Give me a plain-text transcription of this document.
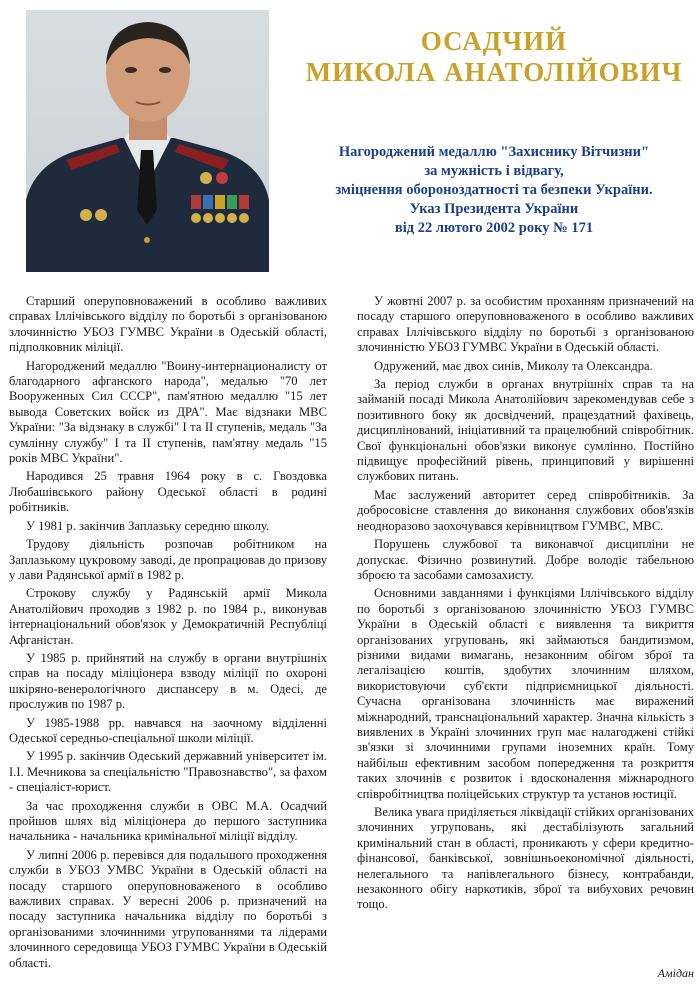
ОСАДЧИЙ
МИКОЛА АНАТОЛІЙОВИЧ
Нагороджений медаллю "Захиснику Вітчизни"
за мужність і відвагу,
зміцнення обороноздатності та безпеки України.
Указ Президента України
від 22 лютого 2002 року № 171

Старший оперуповноважений в особливо важливих справах Іллічівського відділу по боротьбі з організованою злочинністю УБОЗ ГУМВС України в Одеській області, підполковник міліції.

Нагороджений медаллю "Воину-интернационалисту от благодарного афганского народа", медалью "70 лет Вооруженных Сил СССР", пам'ятною медаллю "15 лет вывода Советских войск из ДРА". Має відзнаки МВС України: "За відзнаку в службі" І та ІІ ступенів, медаль "За сумлінну службу" І та ІІ ступенів, пам'ятну медаль "15 років МВС України".

Народився 25 травня 1964 року в с. Гвоздовка Любашівського району Одеської області в родині робітників.

У 1981 р. закінчив Заплазьку середню школу.

Трудову діяльність розпочав робітником на Заплазькому цукровому заводі, де пропрацював до призову у лави Радянської армії в 1982 р.

Строкову службу у Радянській армії Микола Анатолійович проходив з 1982 р. по 1984 р., виконував інтернаціональний обов'язок у Демократичній Республіці Афганістан.

У 1985 р. прийнятий на службу в органи внутрішніх справ на посаду міліціонера взводу міліції по охороні шкіряно-венерологічного диспансеру в м. Одесі, де прослужив по 1987 р.

У 1985-1988 рр. навчався на заочному відділенні Одеської середньо-спеціальної школи міліції.

У 1995 р. закінчив Одеський державний університет ім. І.І. Мечникова за спеціальністю "Правознавство", за фахом - спеціаліст-юрист.

За час проходження служби в ОВС М.А. Осадчий пройшов шлях від міліціонера до першого заступника начальника - начальника кримінальної міліції відділу.

У липні 2006 р. перевівся для подальшого проходження служби в УБОЗ УМВС України в Одеській області на посаду старшого оперуповноваженого в особливо важливих справах. У вересні 2006 р. призначений на посаду заступника начальника відділу по боротьбі з організованими злочинними угрупованнями та лідерами злочинного середовища УБОЗ ГУМВС України в Одеській області.

У жовтні 2007 р. за особистим проханням призначений на посаду старшого оперуповноваженого в особливо важливих справах Іллічівського відділу по боротьбі з організованою злочинністю УБОЗ ГУМВС України в Одеській області.

Одружений, має двох синів, Миколу та Олександра.

За період служби в органах внутрішніх справ та на займаній посаді Микола Анатолійович зарекомендував себе з позитивного боку як досвідчений, працездатний фахівець, дисциплінований, ініціативний та працелюбний співробітник. Свої функціональні обов'язки виконує сумлінно. Постійно підвищує професійний рівень, принциповий у вирішенні службових питань.

Має заслужений авторитет серед співробітників. За добросовісне ставлення до виконання службових обов'язків неодноразово заохочувався керівництвом ГУМВС, МВС.

Порушень службової та виконавчої дисципліни не допускає. Фізично розвинутий. Добре володіє табельною зброєю та засобами самозахисту.

Основними завданнями і функціями Іллічівського відділу по боротьбі з організованою злочинністю УБОЗ ГУМВС України в Одеській області є виявлення та викриття організованих угруповань, які займаються бандитизмом, різними видами вимагань, незаконним обігом зброї та легалізацією коштів, здобутих злочинним шляхом, використовуючи суб'єкти підприємницької діяльності. Сучасна організована злочинність має виражений міжнародний, транснаціональний характер. Значна кількість з виявлених в Україні злочинних груп має налагоджені стійкі зв'язки зі злочинними групами іноземних країн. Тому найбільш ефективним засобом попередження та розкриття таких злочинів є розвиток і вдосконалення міжнародного співробітництва поліцейських структур та установ юстиції.

Велика увага приділяється ліквідації стійких організованих злочинних угруповань, які дестабілізують загальний кримінальний стан в області, проникають у сфери кредитно-фінансової, банківської, зовнішньоекономічної діяльності, нелегального та напівлегального бізнесу, контрабанди, незаконного обігу наркотиків, зброї та вибухових речовин тощо.

Амідан
